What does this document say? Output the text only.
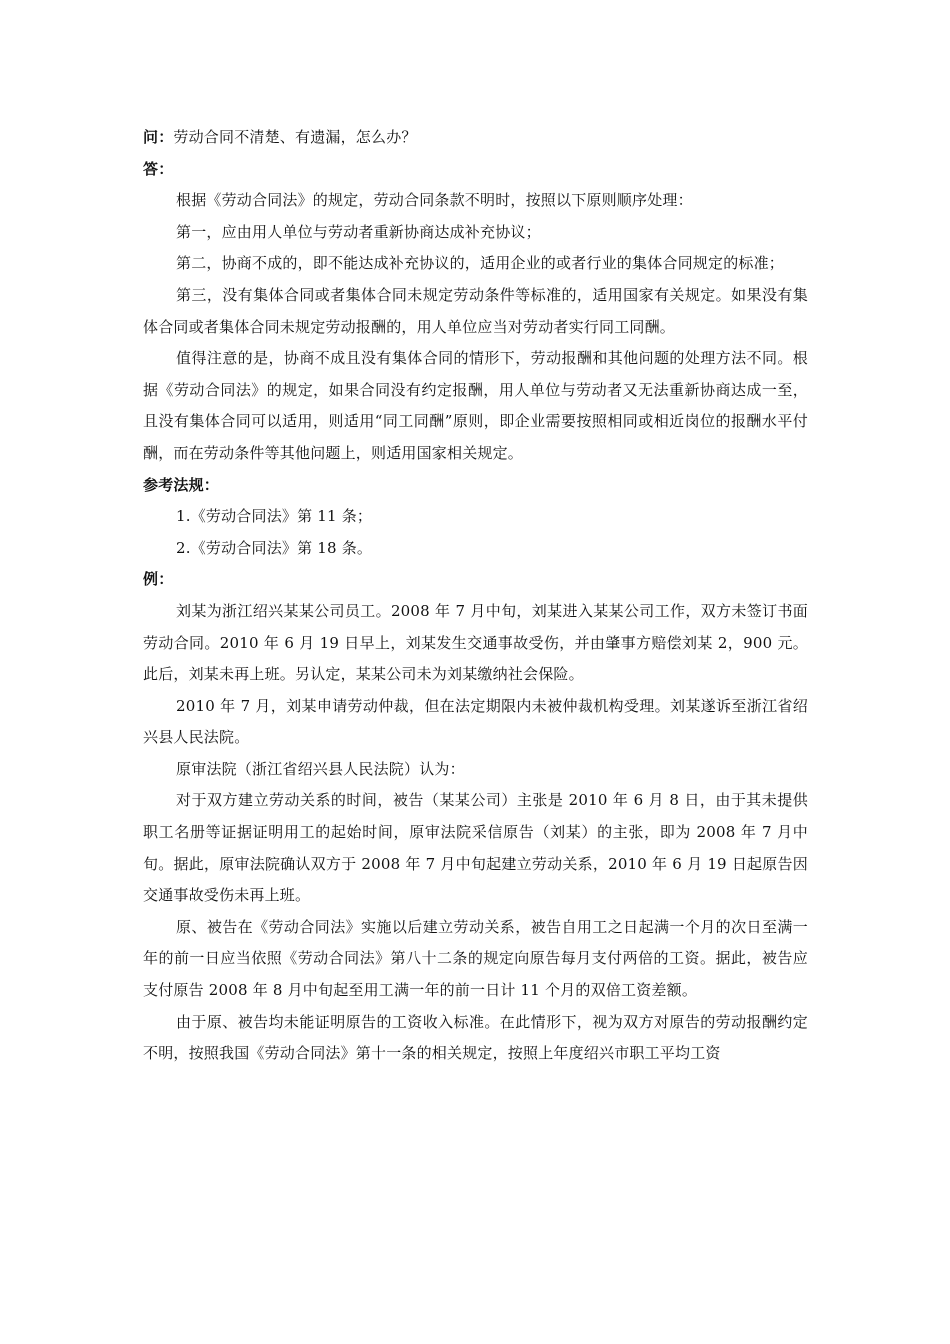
问：劳动合同不清楚、有遗漏，怎么办？

答：

根据《劳动合同法》的规定，劳动合同条款不明时，按照以下原则顺序处理：

第一，应由用人单位与劳动者重新协商达成补充协议；

第二，协商不成的，即不能达成补充协议的，适用企业的或者行业的集体合同规定的标准；

第三，没有集体合同或者集体合同未规定劳动条件等标准的，适用国家有关规定。如果没有集体合同或者集体合同未规定劳动报酬的，用人单位应当对劳动者实行同工同酬。

值得注意的是，协商不成且没有集体合同的情形下，劳动报酬和其他问题的处理方法不同。根据《劳动合同法》的规定，如果合同没有约定报酬，用人单位与劳动者又无法重新协商达成一至，且没有集体合同可以适用，则适用“同工同酬”原则，即企业需要按照相同或相近岗位的报酬水平付酬，而在劳动条件等其他问题上，则适用国家相关规定。

参考法规：

1.《劳动合同法》第 11 条；

2.《劳动合同法》第 18 条。

例：

刘某为浙江绍兴某某公司员工。2008 年 7 月中旬，刘某进入某某公司工作，双方未签订书面劳动合同。2010 年 6 月 19 日早上，刘某发生交通事故受伤，并由肇事方赔偿刘某 2，900 元。此后，刘某未再上班。另认定，某某公司未为刘某缴纳社会保险。

2010 年 7 月，刘某申请劳动仲裁，但在法定期限内未被仲裁机构受理。刘某遂诉至浙江省绍兴县人民法院。

原审法院（浙江省绍兴县人民法院）认为：

对于双方建立劳动关系的时间，被告（某某公司）主张是 2010 年 6 月 8 日，由于其未提供职工名册等证据证明用工的起始时间，原审法院采信原告（刘某）的主张，即为 2008 年 7 月中旬。据此，原审法院确认双方于 2008 年 7 月中旬起建立劳动关系，2010 年 6 月 19 日起原告因交通事故受伤未再上班。

原、被告在《劳动合同法》实施以后建立劳动关系，被告自用工之日起满一个月的次日至满一年的前一日应当依照《劳动合同法》第八十二条的规定向原告每月支付两倍的工资。据此，被告应支付原告 2008 年 8 月中旬起至用工满一年的前一日计 11 个月的双倍工资差额。

由于原、被告均未能证明原告的工资收入标准。在此情形下，视为双方对原告的劳动报酬约定不明，按照我国《劳动合同法》第十一条的相关规定，按照上年度绍兴市职工平均工资
